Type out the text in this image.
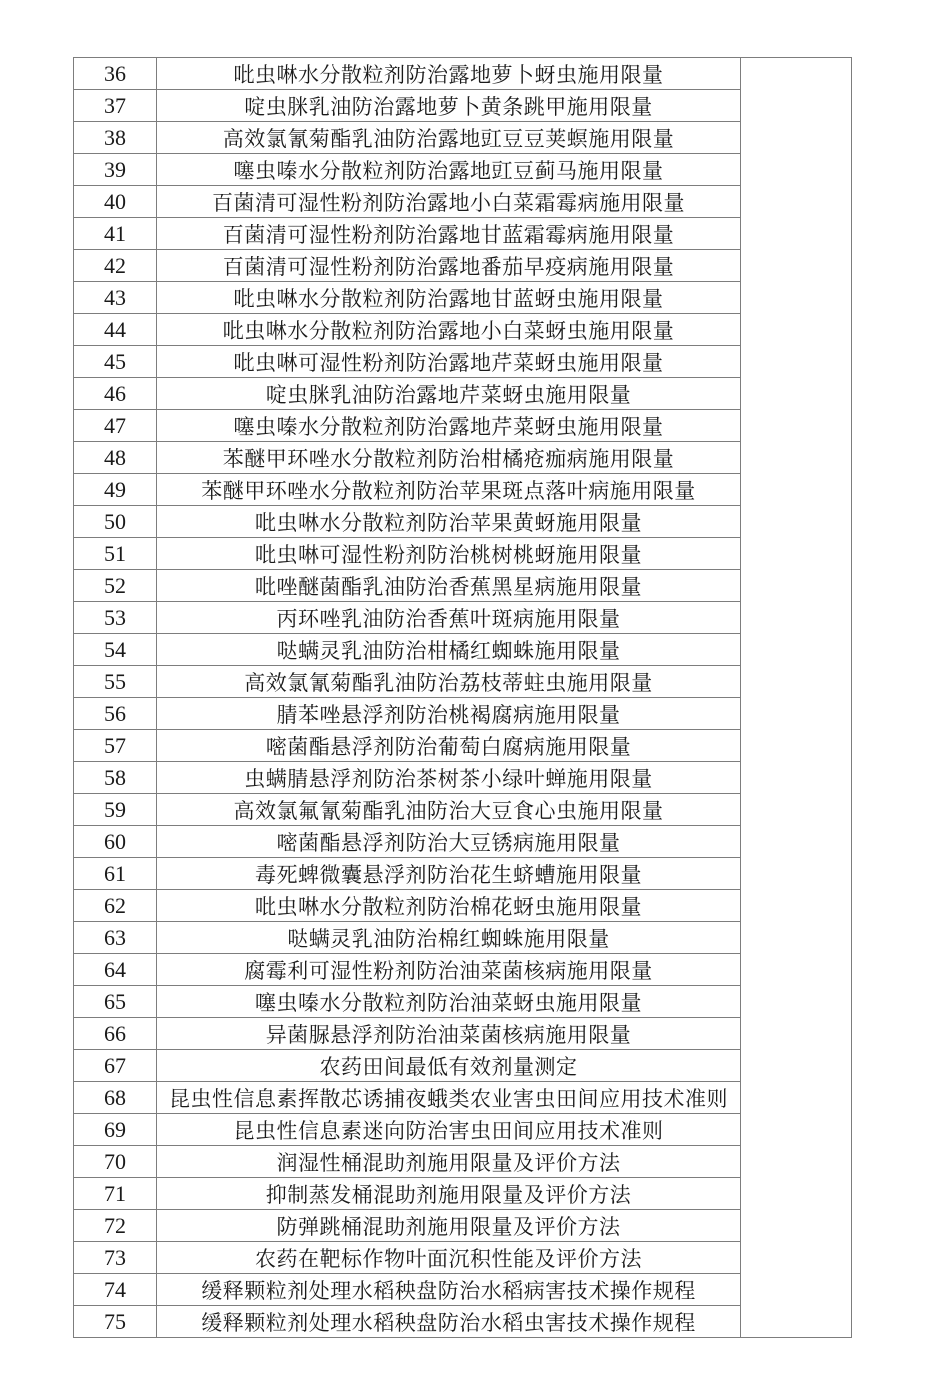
36	吡虫啉水分散粒剂防治露地萝卜蚜虫施用限量	
37	啶虫脒乳油防治露地萝卜黄条跳甲施用限量	
38	高效氯氰菊酯乳油防治露地豇豆豆荚螟施用限量	
39	噻虫嗪水分散粒剂防治露地豇豆蓟马施用限量	
40	百菌清可湿性粉剂防治露地小白菜霜霉病施用限量	
41	百菌清可湿性粉剂防治露地甘蓝霜霉病施用限量	
42	百菌清可湿性粉剂防治露地番茄早疫病施用限量	
43	吡虫啉水分散粒剂防治露地甘蓝蚜虫施用限量	
44	吡虫啉水分散粒剂防治露地小白菜蚜虫施用限量	
45	吡虫啉可湿性粉剂防治露地芹菜蚜虫施用限量	
46	啶虫脒乳油防治露地芹菜蚜虫施用限量	
47	噻虫嗪水分散粒剂防治露地芹菜蚜虫施用限量	
48	苯醚甲环唑水分散粒剂防治柑橘疮痂病施用限量	
49	苯醚甲环唑水分散粒剂防治苹果斑点落叶病施用限量	
50	吡虫啉水分散粒剂防治苹果黄蚜施用限量	
51	吡虫啉可湿性粉剂防治桃树桃蚜施用限量	
52	吡唑醚菌酯乳油防治香蕉黑星病施用限量	
53	丙环唑乳油防治香蕉叶斑病施用限量	
54	哒螨灵乳油防治柑橘红蜘蛛施用限量	
55	高效氯氰菊酯乳油防治荔枝蒂蛀虫施用限量	
56	腈苯唑悬浮剂防治桃褐腐病施用限量	
57	嘧菌酯悬浮剂防治葡萄白腐病施用限量	
58	虫螨腈悬浮剂防治茶树茶小绿叶蝉施用限量	
59	高效氯氟氰菊酯乳油防治大豆食心虫施用限量	
60	嘧菌酯悬浮剂防治大豆锈病施用限量	
61	毒死蜱微囊悬浮剂防治花生蛴螬施用限量	
62	吡虫啉水分散粒剂防治棉花蚜虫施用限量	
63	哒螨灵乳油防治棉红蜘蛛施用限量	
64	腐霉利可湿性粉剂防治油菜菌核病施用限量	
65	噻虫嗪水分散粒剂防治油菜蚜虫施用限量	
66	异菌脲悬浮剂防治油菜菌核病施用限量	
67	农药田间最低有效剂量测定	
68	昆虫性信息素挥散芯诱捕夜蛾类农业害虫田间应用技术准则	
69	昆虫性信息素迷向防治害虫田间应用技术准则	
70	润湿性桶混助剂施用限量及评价方法	
71	抑制蒸发桶混助剂施用限量及评价方法	
72	防弹跳桶混助剂施用限量及评价方法	
73	农药在靶标作物叶面沉积性能及评价方法	
74	缓释颗粒剂处理水稻秧盘防治水稻病害技术操作规程	
75	缓释颗粒剂处理水稻秧盘防治水稻虫害技术操作规程	
